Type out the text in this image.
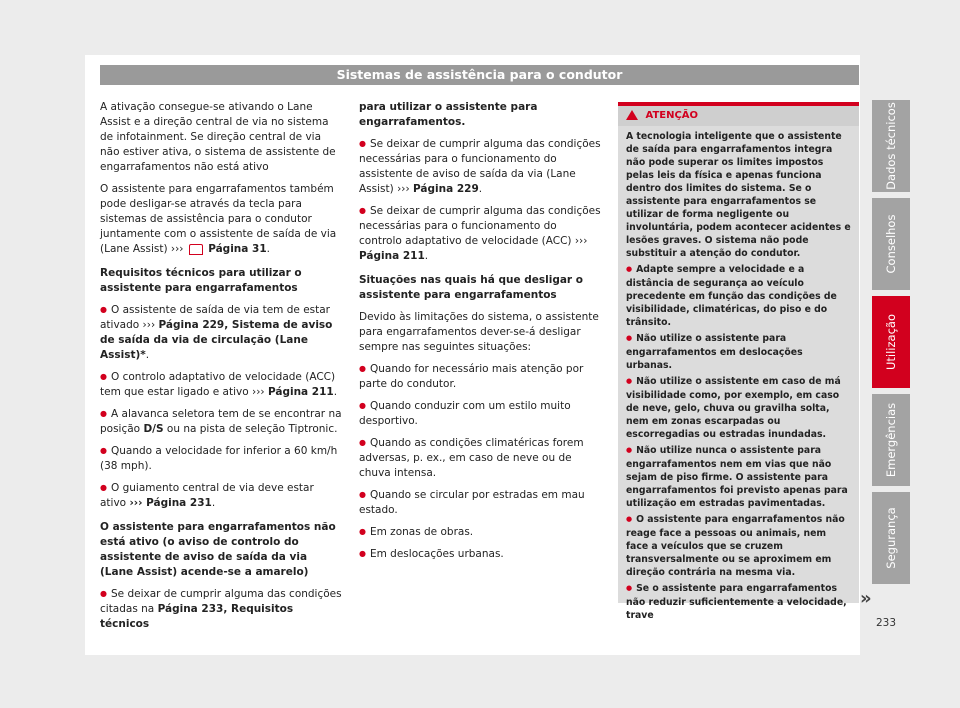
Sistemas de assistência para o condutor

A ativação consegue-se ativando o Lane Assist e a direção central de via no sistema de infotainment. Se direção central de via não estiver ativa, o sistema de assistente de engarrafamentos não está ativo

O assistente para engarrafamentos também pode desligar-se através da tecla para sistemas de assistência para o condutor juntamente com o assistente de saída de via (Lane Assist) ››› Página 31.

Requisitos técnicos para utilizar o assistente para engarrafamentos

● O assistente de saída de via tem de estar ativado ››› Página 229, Sistema de aviso de saída da via de circulação (Lane Assist)*.

● O controlo adaptativo de velocidade (ACC) tem que estar ligado e ativo ››› Página 211.

● A alavanca seletora tem de se encontrar na posição D/S ou na pista de seleção Tiptronic.

● Quando a velocidade for inferior a 60 km/h (38 mph).

● O guiamento central de via deve estar ativo ››› Página 231.

O assistente para engarrafamentos não está ativo (o aviso de controlo do assistente de aviso de saída da via (Lane Assist) acende-se a amarelo)

● Se deixar de cumprir alguma das condições citadas na Página 233, Requisitos técnicos

para utilizar o assistente para engarrafamentos.

● Se deixar de cumprir alguma das condições necessárias para o funcionamento do assistente de aviso de saída da via (Lane Assist) ››› Página 229.

● Se deixar de cumprir alguma das condições necessárias para o funcionamento do controlo adaptativo de velocidade (ACC) ››› Página 211.

Situações nas quais há que desligar o assistente para engarrafamentos

Devido às limitações do sistema, o assistente para engarrafamentos dever-se-á desligar sempre nas seguintes situações:

● Quando for necessário mais atenção por parte do condutor.

● Quando conduzir com um estilo muito desportivo.

● Quando as condições climatéricas forem adversas, p. ex., em caso de neve ou de chuva intensa.

● Quando se circular por estradas em mau estado.

● Em zonas de obras.

● Em deslocações urbanas.

ATENÇÃO

A tecnologia inteligente que o assistente de saída para engarrafamentos integra não pode superar os limites impostos pelas leis da física e apenas funciona dentro dos limites do sistema. Se o assistente para engarrafamentos se utilizar de forma negligente ou involuntária, podem acontecer acidentes e lesões graves. O sistema não pode substituir a atenção do condutor.

● Adapte sempre a velocidade e a distância de segurança ao veículo precedente em função das condições de visibilidade, climatéricas, do piso e do trânsito.

● Não utilize o assistente para engarrafamentos em deslocações urbanas.

● Não utilize o assistente em caso de má visibilidade como, por exemplo, em caso de neve, gelo, chuva ou gravilha solta, nem em zonas escarpadas ou escorregadias ou estradas inundadas.

● Não utilize nunca o assistente para engarrafamentos nem em vias que não sejam de piso firme. O assistente para engarrafamentos foi previsto apenas para utilização em estradas pavimentadas.

● O assistente para engarrafamentos não reage face a pessoas ou animais, nem face a veículos que se cruzem transversalmente ou se aproximem em direção contrária na mesma via.

● Se o assistente para engarrafamentos não reduzir suficientemente a velocidade, trave

»
Dados técnicos
Conselhos
Utilização
Emergências
Segurança
233
